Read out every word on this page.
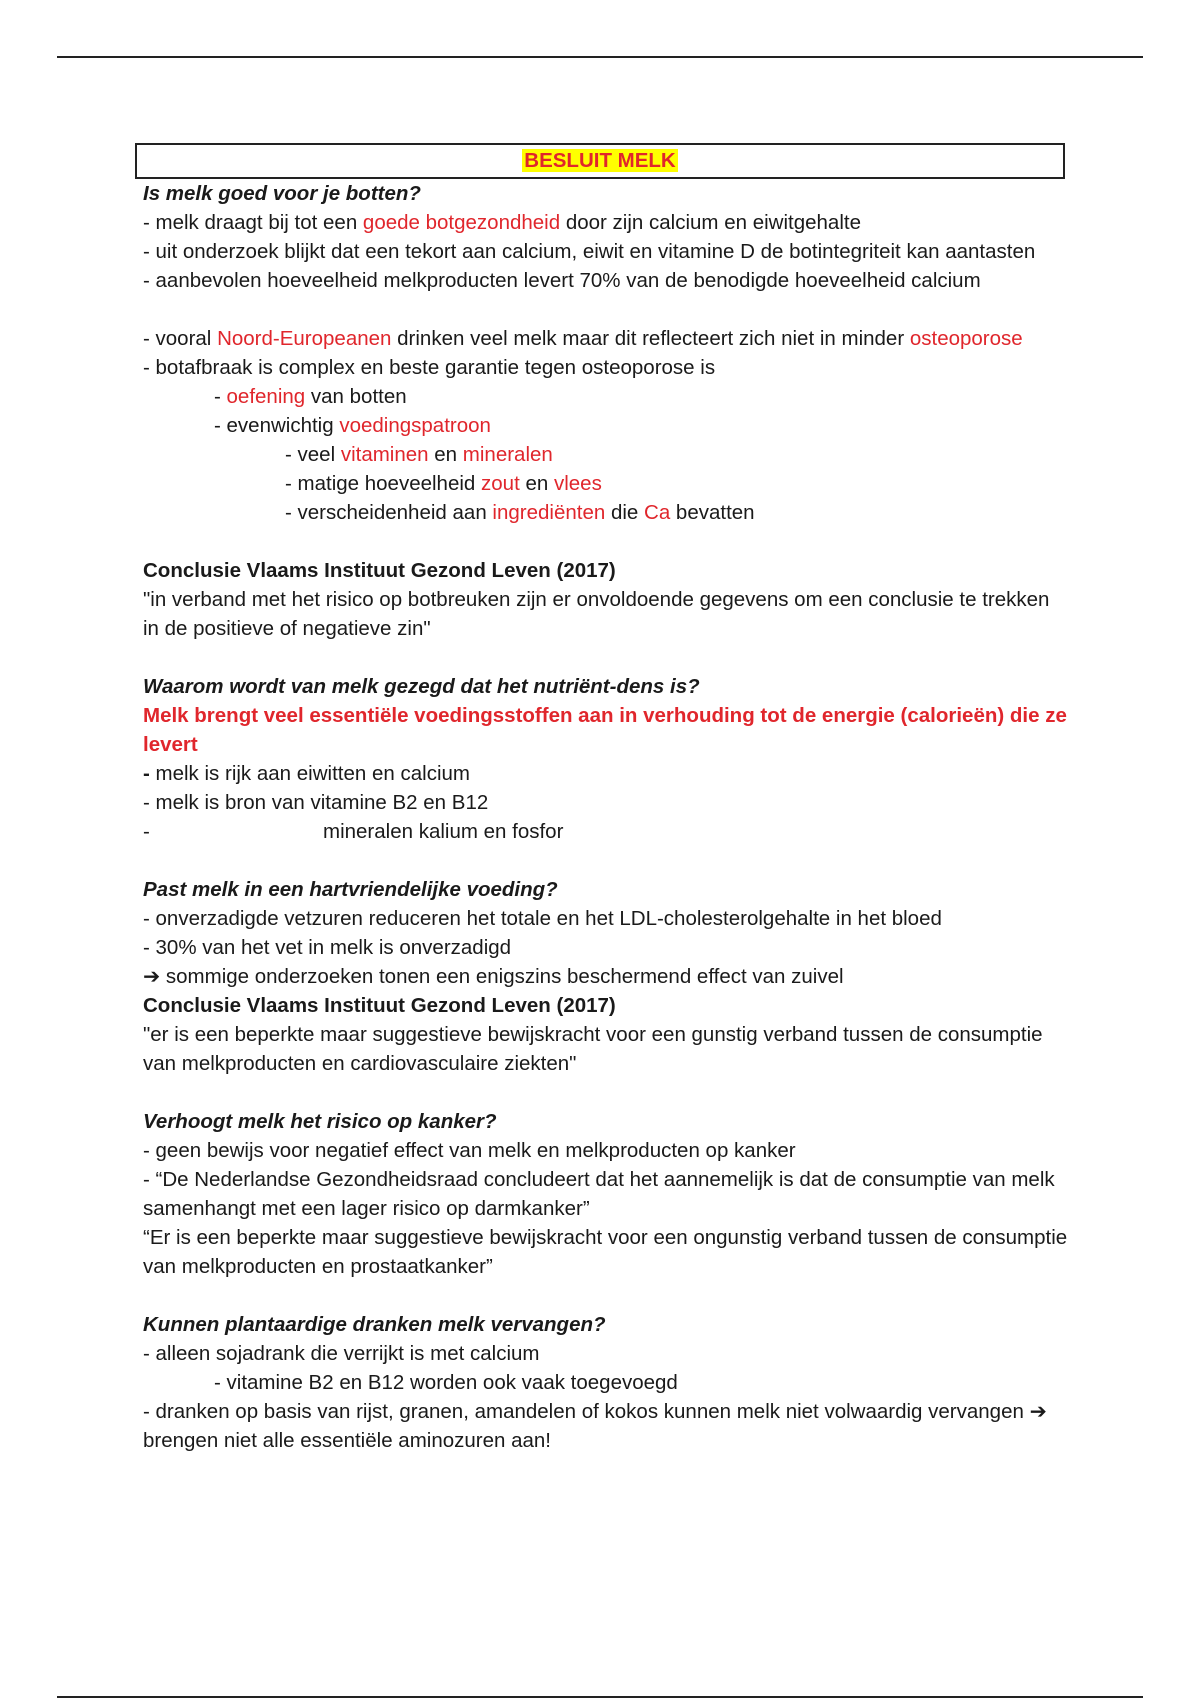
BESLUIT MELK
Is melk goed voor je botten?
- melk draagt bij tot een goede botgezondheid door zijn calcium en eiwitgehalte
- uit onderzoek blijkt dat een tekort aan calcium, eiwit en vitamine D de botintegriteit kan aantasten
- aanbevolen hoeveelheid melkproducten levert 70% van de benodigde hoeveelheid calcium
- vooral Noord-Europeanen drinken veel melk maar dit reflecteert zich niet in minder osteoporose
- botafbraak is complex en beste garantie tegen osteoporose is
- oefening van botten
- evenwichtig voedingspatroon
- veel vitaminen en mineralen
- matige hoeveelheid zout en vlees
- verscheidenheid aan ingrediënten die Ca bevatten
Conclusie Vlaams Instituut Gezond Leven (2017)
"in verband met het risico op botbreuken zijn er onvoldoende gegevens om een conclusie te trekken in de positieve of negatieve zin"
Waarom wordt van melk gezegd dat het nutriënt-dens is?
Melk brengt veel essentiële voedingsstoffen aan in verhouding tot de energie (calorieën) die ze levert
- melk is rijk aan eiwitten en calcium
- melk is bron van vitamine B2 en B12
-	mineralen kalium en fosfor
Past melk in een hartvriendelijke voeding?
- onverzadigde vetzuren reduceren het totale en het LDL-cholesterolgehalte in het bloed
- 30% van het vet in melk is onverzadigd
➔ sommige onderzoeken tonen een enigszins beschermend effect van zuivel
Conclusie Vlaams Instituut Gezond Leven (2017)
"er is een beperkte maar suggestieve bewijskracht voor een gunstig verband tussen de consumptie van melkproducten en cardiovasculaire ziekten"
Verhoogt melk het risico op kanker?
- geen bewijs voor negatief effect van melk en melkproducten op kanker
- “De Nederlandse Gezondheidsraad concludeert dat het aannemelijk is dat de consumptie van melk samenhangt met een lager risico op darmkanker”
“Er is een beperkte maar suggestieve bewijskracht voor een ongunstig verband tussen de consumptie van melkproducten en prostaatkanker”
Kunnen plantaardige dranken melk vervangen?
- alleen sojadrank die verrijkt is met calcium
- vitamine B2 en B12 worden ook vaak toegevoegd
- dranken op basis van rijst, granen, amandelen of kokos kunnen melk niet volwaardig vervangen ➔ brengen niet alle essentiële aminozuren aan!
